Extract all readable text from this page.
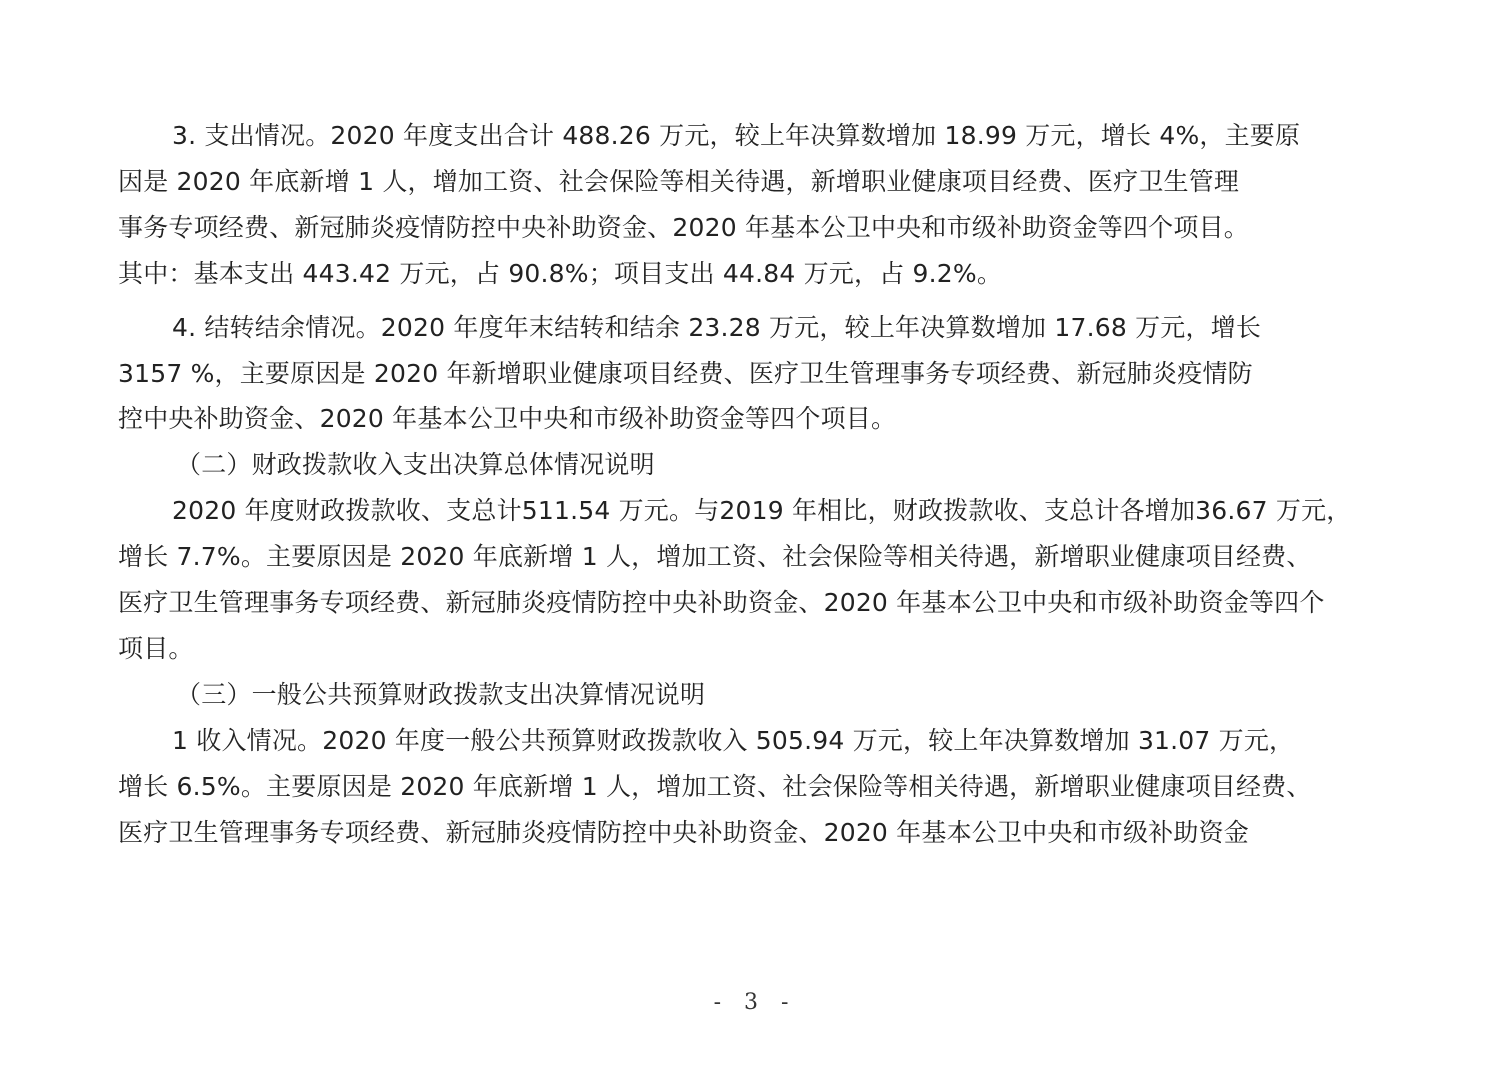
3. 支出情况。2020 年度支出合计 488.26 万元，较上年决算数增加 18.99 万元，增长 4%，主要原
因是 2020 年底新增 1 人，增加工资、社会保险等相关待遇，新增职业健康项目经费、医疗卫生管理
事务专项经费、新冠肺炎疫情防控中央补助资金、2020 年基本公卫中央和市级补助资金等四个项目。
其中：基本支出 443.42 万元，占 90.8%；项目支出 44.84 万元，占 9.2%。
4. 结转结余情况。2020 年度年末结转和结余 23.28 万元，较上年决算数增加 17.68 万元，增长
3157 %，主要原因是 2020 年新增职业健康项目经费、医疗卫生管理事务专项经费、新冠肺炎疫情防
控中央补助资金、2020 年基本公卫中央和市级补助资金等四个项目。
（二）财政拨款收入支出决算总体情况说明
2020 年度财政拨款收、支总计511.54 万元。与2019 年相比，财政拨款收、支总计各增加36.67 万元，
增长 7.7%。主要原因是 2020 年底新增 1 人，增加工资、社会保险等相关待遇，新增职业健康项目经费、
医疗卫生管理事务专项经费、新冠肺炎疫情防控中央补助资金、2020 年基本公卫中央和市级补助资金等四个
项目。
（三）一般公共预算财政拨款支出决算情况说明
1 收入情况。2020 年度一般公共预算财政拨款收入 505.94 万元，较上年决算数增加 31.07 万元，
增长 6.5%。主要原因是 2020 年底新增 1 人，增加工资、社会保险等相关待遇，新增职业健康项目经费、
医疗卫生管理事务专项经费、新冠肺炎疫情防控中央补助资金、2020 年基本公卫中央和市级补助资金
- 3 -
